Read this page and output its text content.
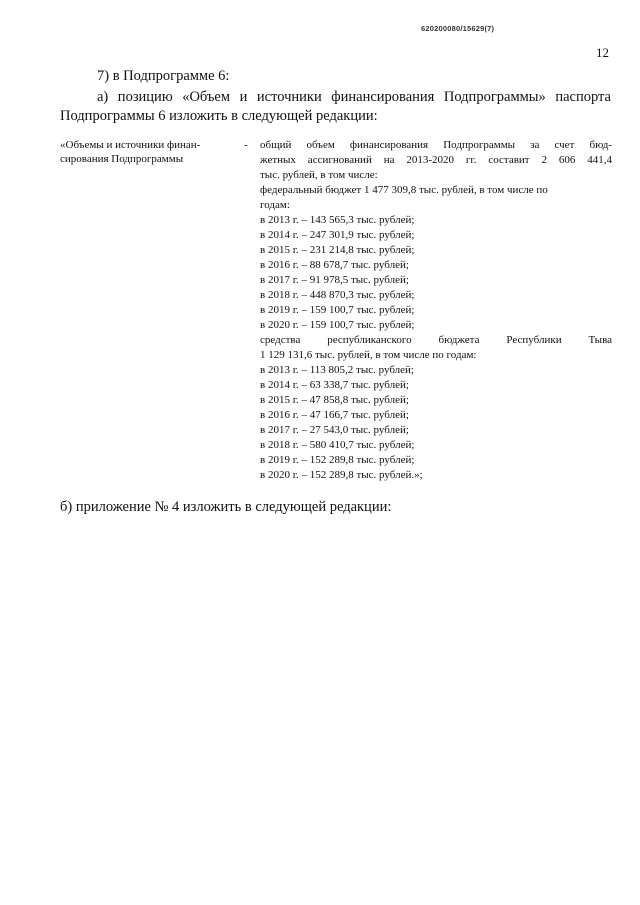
620200080/15629(7)
12
7) в Подпрограмме 6:
а) позицию «Объем и источники финансирования Подпрограммы» паспорта
Подпрограммы 6 изложить в следующей редакции:
«Объемы и источники финан-
сирования Подпрограммы
- общий объем финансирования Подпрограммы за счет бюд-
жетных ассигнований на 2013-2020 гг. составит 2 606 441,4
тыс. рублей, в том числе:
федеральный бюджет 1 477 309,8 тыс. рублей, в том числе по
годам:
в 2013 г. – 143 565,3 тыс. рублей;
в 2014 г. – 247 301,9 тыс. рублей;
в 2015 г. – 231 214,8 тыс. рублей;
в 2016 г. – 88 678,7 тыс. рублей;
в 2017 г. – 91 978,5 тыс. рублей;
в 2018 г. – 448 870,3 тыс. рублей;
в 2019 г. – 159 100,7 тыс. рублей;
в 2020 г. – 159 100,7 тыс. рублей;
средства республиканского бюджета Республики Тыва
1 129 131,6 тыс. рублей, в том числе по годам:
в 2013 г. – 113 805,2 тыс. рублей;
в 2014 г. – 63 338,7 тыс. рублей;
в 2015 г. – 47 858,8 тыс. рублей;
в 2016 г. – 47 166,7 тыс. рублей;
в 2017 г. – 27 543,0 тыс. рублей;
в 2018 г. – 580 410,7 тыс. рублей;
в 2019 г. – 152 289,8 тыс. рублей;
в 2020 г. – 152 289,8 тыс. рублей.»;
б) приложение № 4 изложить в следующей редакции:
